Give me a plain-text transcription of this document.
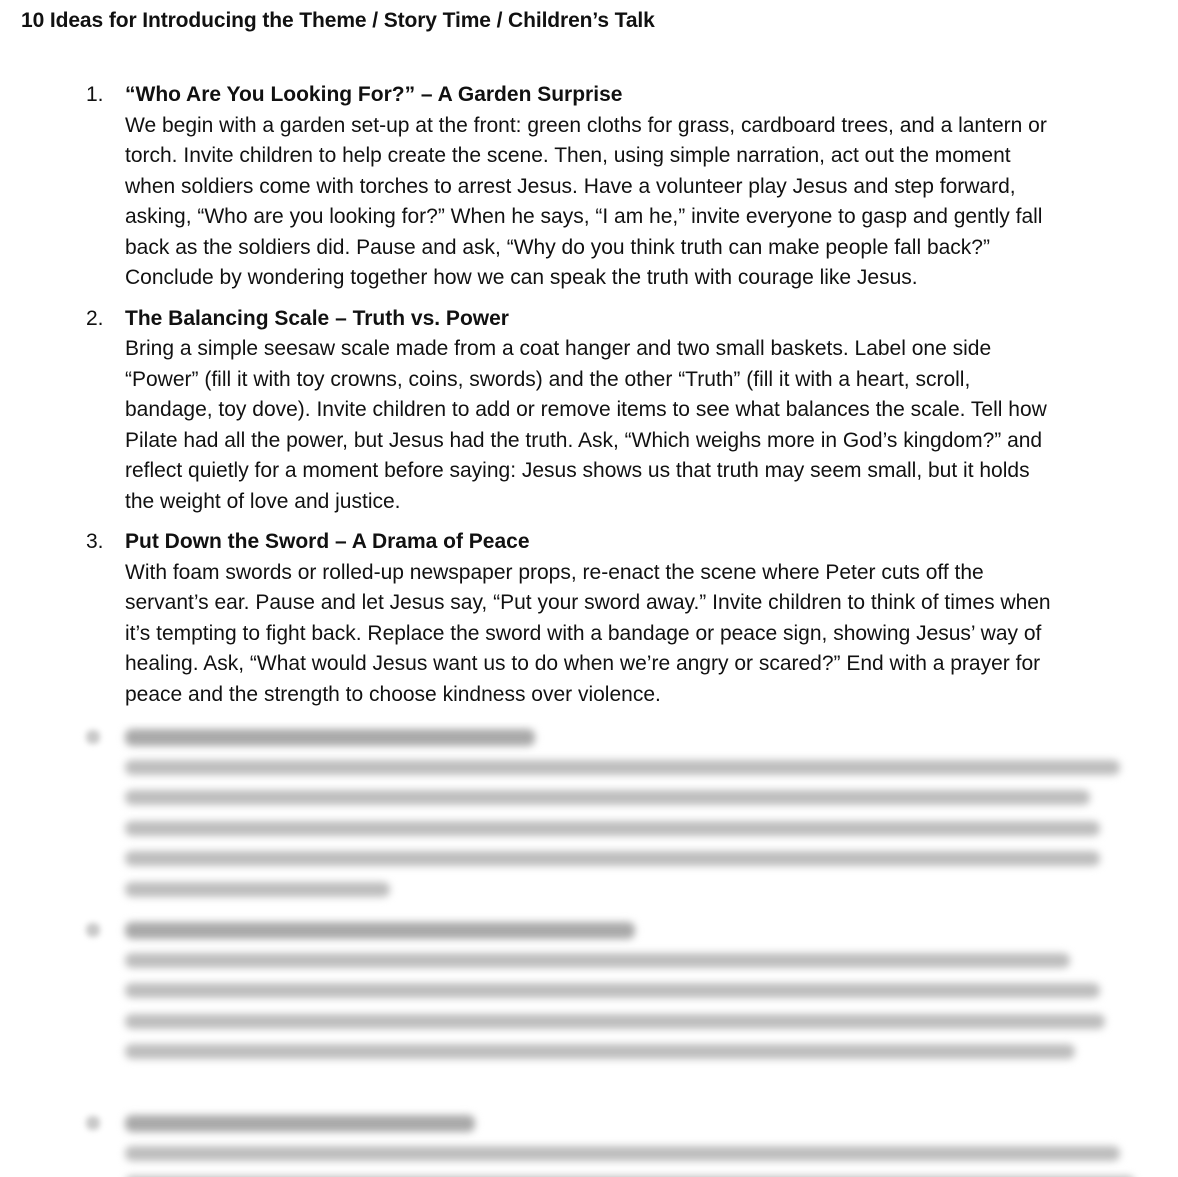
10 Ideas for Introducing the Theme / Story Time / Children’s Talk
1. “Who Are You Looking For?” – A Garden Surprise
We begin with a garden set-up at the front: green cloths for grass, cardboard trees, and a lantern or
torch. Invite children to help create the scene. Then, using simple narration, act out the moment
when soldiers come with torches to arrest Jesus. Have a volunteer play Jesus and step forward,
asking, “Who are you looking for?” When he says, “I am he,” invite everyone to gasp and gently fall
back as the soldiers did. Pause and ask, “Why do you think truth can make people fall back?”
Conclude by wondering together how we can speak the truth with courage like Jesus.
2. The Balancing Scale – Truth vs. Power
Bring a simple seesaw scale made from a coat hanger and two small baskets. Label one side
“Power” (fill it with toy crowns, coins, swords) and the other “Truth” (fill it with a heart, scroll,
bandage, toy dove). Invite children to add or remove items to see what balances the scale. Tell how
Pilate had all the power, but Jesus had the truth. Ask, “Which weighs more in God’s kingdom?” and
reflect quietly for a moment before saying: Jesus shows us that truth may seem small, but it holds
the weight of love and justice.
3. Put Down the Sword – A Drama of Peace
With foam swords or rolled-up newspaper props, re-enact the scene where Peter cuts off the
servant’s ear. Pause and let Jesus say, “Put your sword away.” Invite children to think of times when
it’s tempting to fight back. Replace the sword with a bandage or peace sign, showing Jesus’ way of
healing. Ask, “What would Jesus want us to do when we’re angry or scared?” End with a prayer for
peace and the strength to choose kindness over violence.
